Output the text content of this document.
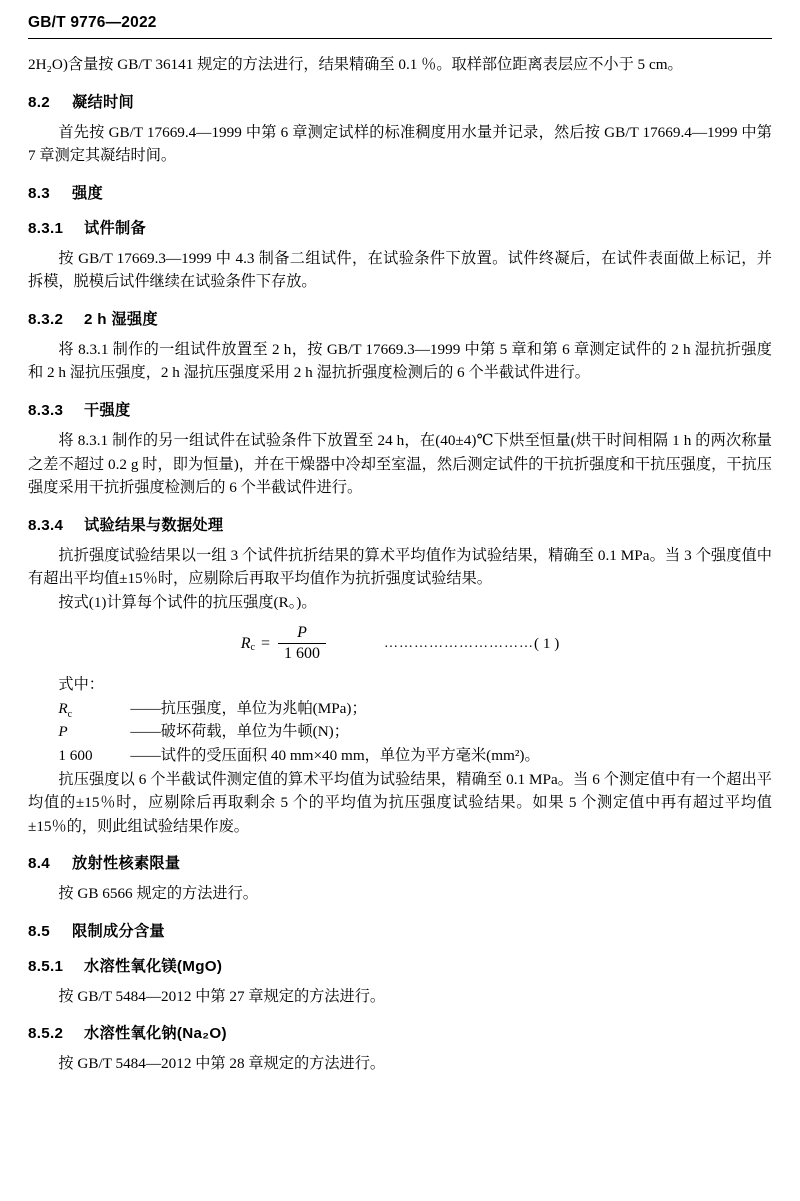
GB/T 9776—2022

2H₂O)含量按 GB/T 36141 规定的方法进行，结果精确至 0.1 ％。取样部位距离表层应不小于 5 cm。

8.2 凝结时间

首先按 GB/T 17669.4—1999 中第 6 章测定试样的标准稠度用水量并记录，然后按 GB/T 17669.4—1999 中第 7 章测定其凝结时间。

8.3 强度
8.3.1 试件制备

按 GB/T 17669.3—1999 中 4.3 制备二组试件，在试验条件下放置。试件终凝后，在试件表面做上标记，并拆模，脱模后试件继续在试验条件下存放。

8.3.2 2 h 湿强度

将 8.3.1 制作的一组试件放置至 2 h，按 GB/T 17669.3—1999 中第 5 章和第 6 章测定试件的 2 h 湿抗折强度和 2 h 湿抗压强度，2 h 湿抗压强度采用 2 h 湿抗折强度检测后的 6 个半截试件进行。

8.3.3 干强度

将 8.3.1 制作的另一组试件在试验条件下放置至 24 h，在(40±4)℃下烘至恒量(烘干时间相隔 1 h 的两次称量之差不超过 0.2 g 时，即为恒量)，并在干燥器中冷却至室温，然后测定试件的干抗折强度和干抗压强度，干抗压强度采用干抗折强度检测后的 6 个半截试件进行。

8.3.4 试验结果与数据处理

抗折强度试验结果以一组 3 个试件抗折结果的算术平均值作为试验结果，精确至 0.1 MPa。当 3 个强度值中有超出平均值±15％时，应剔除后再取平均值作为抗折强度试验结果。

按式(1)计算每个试件的抗压强度(R。)。

R $c = \frac{P}{1 600}$	………………………… ( 1 )

式中：

$R_c$	——抗压强度，单位为兆帕(MPa)；
P	——破坏荷载，单位为牛顿(N)；
1 600	——试件的受压面积 40 mm×40 mm，单位为平方毫米(mm²)。

抗压强度以 6 个半截试件测定值的算术平均值为试验结果，精确至 0.1 MPa。当 6 个测定值中有一个超出平均值的±15％时，应剔除后再取剩余 5 个的平均值为抗压强度试验结果。如果 5 个测定值中再有超过平均值±15％的，则此组试验结果作废。

8.4 放射性核素限量

按 GB 6566 规定的方法进行。

8.5 限制成分含量
8.5.1 水溶性氧化镁(MgO)

按 GB/T 5484—2012 中第 27 章规定的方法进行。

8.5.2 水溶性氧化钠(Na₂O)

按 GB/T 5484—2012 中第 28 章规定的方法进行。
